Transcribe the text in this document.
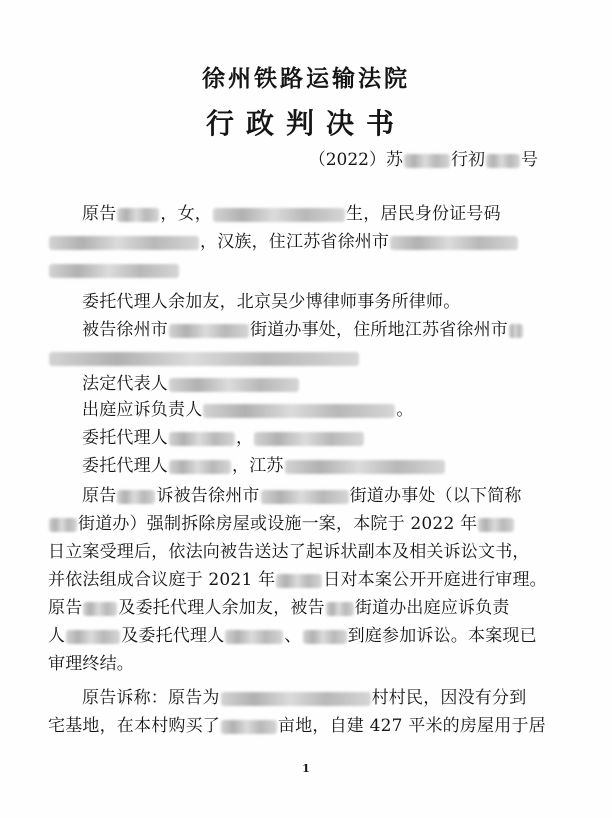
徐州铁路运输法院
行政判决书
（2022）苏	行初 号
原告	，女，	生，居民身份证号码
，汉族，住江苏省徐州市
委托代理人余加友，北京吴少博律师事务所律师。
被告徐州市	街道办事处，住所地江苏省徐州市
法定代表人
出庭应诉负责人	。
委托代理人	，
委托代理人	，江苏
原告 诉被告徐州市	街道办事处（以下简称
街道办）强制拆除房屋或设施一案，本院于 2022 年
日立案受理后，依法向被告送达了起诉状副本及相关诉讼文书，
并依法组成合议庭于 2021 年	日对本案公开开庭进行审理。
原告 及委托代理人余加友，被告 街道办出庭应诉负责
人	及委托代理人	、	到庭参加诉讼。本案现已
审理终结。
原告诉称：原告为	村村民，因没有分到
宅基地，在本村购买了	亩地，自建 427 平米的房屋用于居
1
